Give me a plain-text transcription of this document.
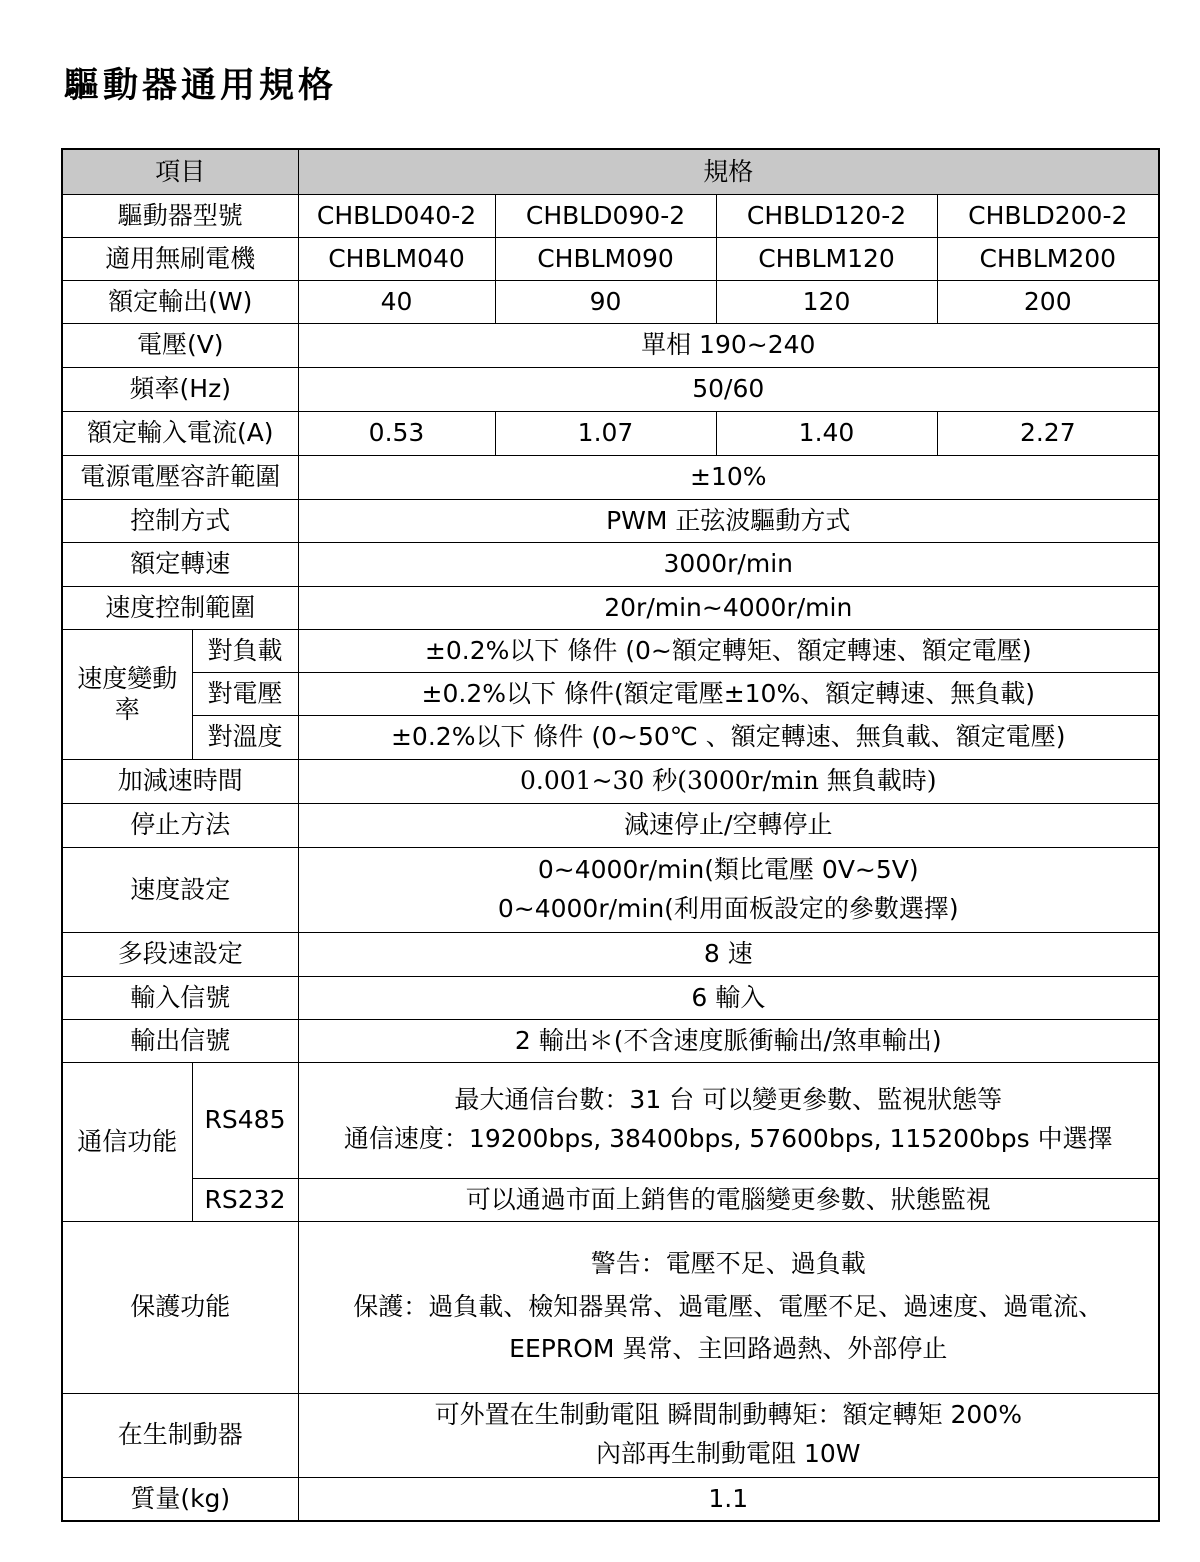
驅動器通用規格
項目		規格			
驅動器型號		CHBLD040-2	CHBLD090-2	CHBLD120-2	CHBLD200-2
適用無刷電機		CHBLM040	CHBLM090	CHBLM120	CHBLM200
額定輸出(W)		40	90	120	200
電壓(V)		單相 190~240			
頻率(Hz)		50/60			
額定輸入電流(A)		0.53	1.07	1.40	2.27
電源電壓容許範圍		±10%			
控制方式		PWM 正弦波驅動方式			
額定轉速		3000r/min			
速度控制範圍		20r/min~4000r/min			

速度變動
率	對負載	±0.2%以下 條件 (0~額定轉矩、額定轉速、額定電壓)			
	對電壓	±0.2%以下 條件(額定電壓±10%、額定轉速、無負載)			
	對溫度	±0.2%以下 條件 (0~50℃ 、額定轉速、無負載、額定電壓)			
加減速時間		0.001~30 秒(3000r/min 無負載時)			
停止方法		減速停止/空轉停止			
速度設定		0~4000r/min(類比電壓 0V~5V)
0~4000r/min(利用面板設定的參數選擇)			

多段速設定		8 速			
輸入信號		6 輸入			
輸出信號		2 輸出＊(不含速度脈衝輸出/煞車輸出)			
通信功能	RS485	最大通信台數：31 台 可以變更參數、監視狀態等
通信速度：19200bps, 38400bps, 57600bps, 115200bps 中選擇			

	RS232	可以通過市面上銷售的電腦變更參數、狀態監視			
保護功能		警告：電壓不足、過負載
保護：過負載、檢知器異常、過電壓、電壓不足、過速度、過電流、
EEPROM 異常、主回路過熱、外部停止			

在生制動器		可外置在生制動電阻 瞬間制動轉矩：額定轉矩 200%
內部再生制動電阻 10W			

質量(kg)		1.1			
